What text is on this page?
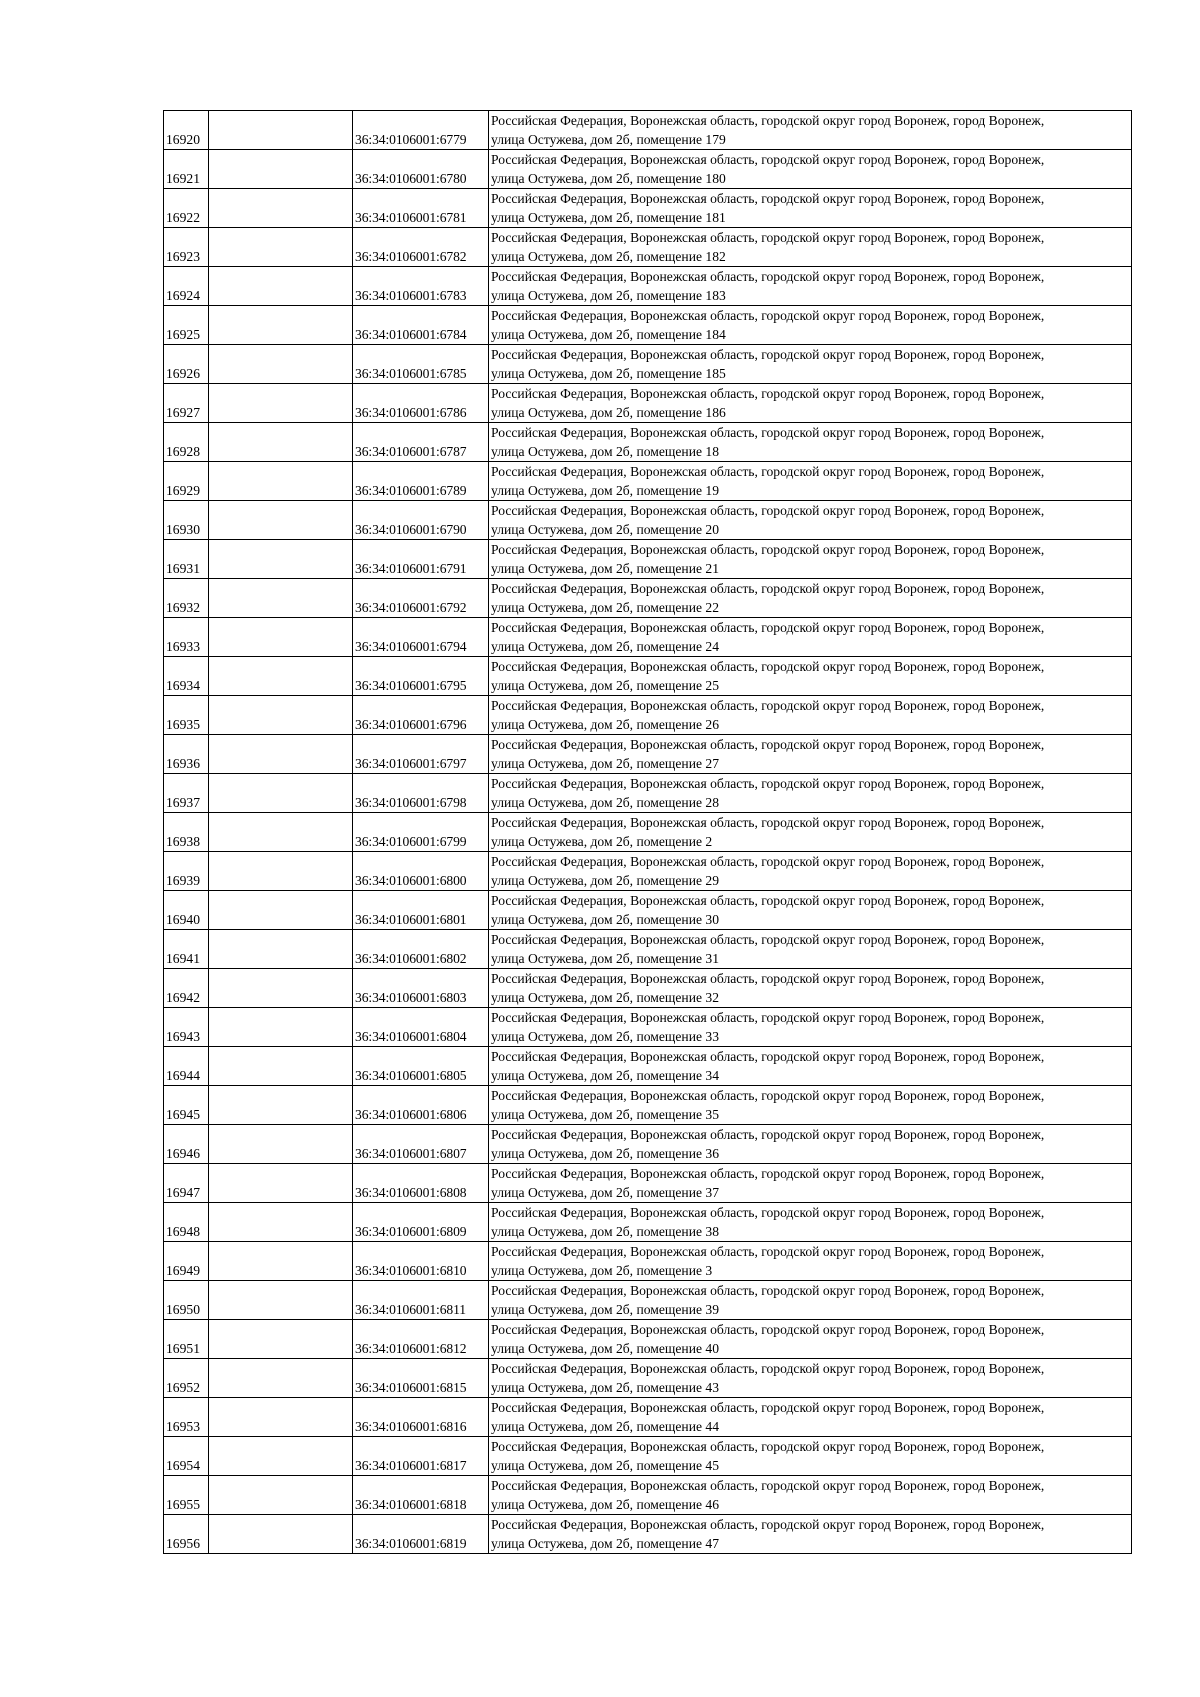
16920		36:34:0106001:6779	Российская Федерация, Воронежская область, городской округ город Воронеж, город Воронеж,
улица Остужева, дом 2б, помещение 179

16921		36:34:0106001:6780	Российская Федерация, Воронежская область, городской округ город Воронеж, город Воронеж,
улица Остужева, дом 2б, помещение 180

16922		36:34:0106001:6781	Российская Федерация, Воронежская область, городской округ город Воронеж, город Воронеж,
улица Остужева, дом 2б, помещение 181

16923		36:34:0106001:6782	Российская Федерация, Воронежская область, городской округ город Воронеж, город Воронеж,
улица Остужева, дом 2б, помещение 182

16924		36:34:0106001:6783	Российская Федерация, Воронежская область, городской округ город Воронеж, город Воронеж,
улица Остужева, дом 2б, помещение 183

16925		36:34:0106001:6784	Российская Федерация, Воронежская область, городской округ город Воронеж, город Воронеж,
улица Остужева, дом 2б, помещение 184

16926		36:34:0106001:6785	Российская Федерация, Воронежская область, городской округ город Воронеж, город Воронеж,
улица Остужева, дом 2б, помещение 185

16927		36:34:0106001:6786	Российская Федерация, Воронежская область, городской округ город Воронеж, город Воронеж,
улица Остужева, дом 2б, помещение 186

16928		36:34:0106001:6787	Российская Федерация, Воронежская область, городской округ город Воронеж, город Воронеж,
улица Остужева, дом 2б, помещение 18

16929		36:34:0106001:6789	Российская Федерация, Воронежская область, городской округ город Воронеж, город Воронеж,
улица Остужева, дом 2б, помещение 19

16930		36:34:0106001:6790	Российская Федерация, Воронежская область, городской округ город Воронеж, город Воронеж,
улица Остужева, дом 2б, помещение 20

16931		36:34:0106001:6791	Российская Федерация, Воронежская область, городской округ город Воронеж, город Воронеж,
улица Остужева, дом 2б, помещение 21

16932		36:34:0106001:6792	Российская Федерация, Воронежская область, городской округ город Воронеж, город Воронеж,
улица Остужева, дом 2б, помещение 22

16933		36:34:0106001:6794	Российская Федерация, Воронежская область, городской округ город Воронеж, город Воронеж,
улица Остужева, дом 2б, помещение 24

16934		36:34:0106001:6795	Российская Федерация, Воронежская область, городской округ город Воронеж, город Воронеж,
улица Остужева, дом 2б, помещение 25

16935		36:34:0106001:6796	Российская Федерация, Воронежская область, городской округ город Воронеж, город Воронеж,
улица Остужева, дом 2б, помещение 26

16936		36:34:0106001:6797	Российская Федерация, Воронежская область, городской округ город Воронеж, город Воронеж,
улица Остужева, дом 2б, помещение 27

16937		36:34:0106001:6798	Российская Федерация, Воронежская область, городской округ город Воронеж, город Воронеж,
улица Остужева, дом 2б, помещение 28

16938		36:34:0106001:6799	Российская Федерация, Воронежская область, городской округ город Воронеж, город Воронеж,
улица Остужева, дом 2б, помещение 2

16939		36:34:0106001:6800	Российская Федерация, Воронежская область, городской округ город Воронеж, город Воронеж,
улица Остужева, дом 2б, помещение 29

16940		36:34:0106001:6801	Российская Федерация, Воронежская область, городской округ город Воронеж, город Воронеж,
улица Остужева, дом 2б, помещение 30

16941		36:34:0106001:6802	Российская Федерация, Воронежская область, городской округ город Воронеж, город Воронеж,
улица Остужева, дом 2б, помещение 31

16942		36:34:0106001:6803	Российская Федерация, Воронежская область, городской округ город Воронеж, город Воронеж,
улица Остужева, дом 2б, помещение 32

16943		36:34:0106001:6804	Российская Федерация, Воронежская область, городской округ город Воронеж, город Воронеж,
улица Остужева, дом 2б, помещение 33

16944		36:34:0106001:6805	Российская Федерация, Воронежская область, городской округ город Воронеж, город Воронеж,
улица Остужева, дом 2б, помещение 34

16945		36:34:0106001:6806	Российская Федерация, Воронежская область, городской округ город Воронеж, город Воронеж,
улица Остужева, дом 2б, помещение 35

16946		36:34:0106001:6807	Российская Федерация, Воронежская область, городской округ город Воронеж, город Воронеж,
улица Остужева, дом 2б, помещение 36

16947		36:34:0106001:6808	Российская Федерация, Воронежская область, городской округ город Воронеж, город Воронеж,
улица Остужева, дом 2б, помещение 37

16948		36:34:0106001:6809	Российская Федерация, Воронежская область, городской округ город Воронеж, город Воронеж,
улица Остужева, дом 2б, помещение 38

16949		36:34:0106001:6810	Российская Федерация, Воронежская область, городской округ город Воронеж, город Воронеж,
улица Остужева, дом 2б, помещение 3

16950		36:34:0106001:6811	Российская Федерация, Воронежская область, городской округ город Воронеж, город Воронеж,
улица Остужева, дом 2б, помещение 39

16951		36:34:0106001:6812	Российская Федерация, Воронежская область, городской округ город Воронеж, город Воронеж,
улица Остужева, дом 2б, помещение 40

16952		36:34:0106001:6815	Российская Федерация, Воронежская область, городской округ город Воронеж, город Воронеж,
улица Остужева, дом 2б, помещение 43

16953		36:34:0106001:6816	Российская Федерация, Воронежская область, городской округ город Воронеж, город Воронеж,
улица Остужева, дом 2б, помещение 44

16954		36:34:0106001:6817	Российская Федерация, Воронежская область, городской округ город Воронеж, город Воронеж,
улица Остужева, дом 2б, помещение 45

16955		36:34:0106001:6818	Российская Федерация, Воронежская область, городской округ город Воронеж, город Воронеж,
улица Остужева, дом 2б, помещение 46

16956		36:34:0106001:6819	Российская Федерация, Воронежская область, городской округ город Воронеж, город Воронеж,
улица Остужева, дом 2б, помещение 47
